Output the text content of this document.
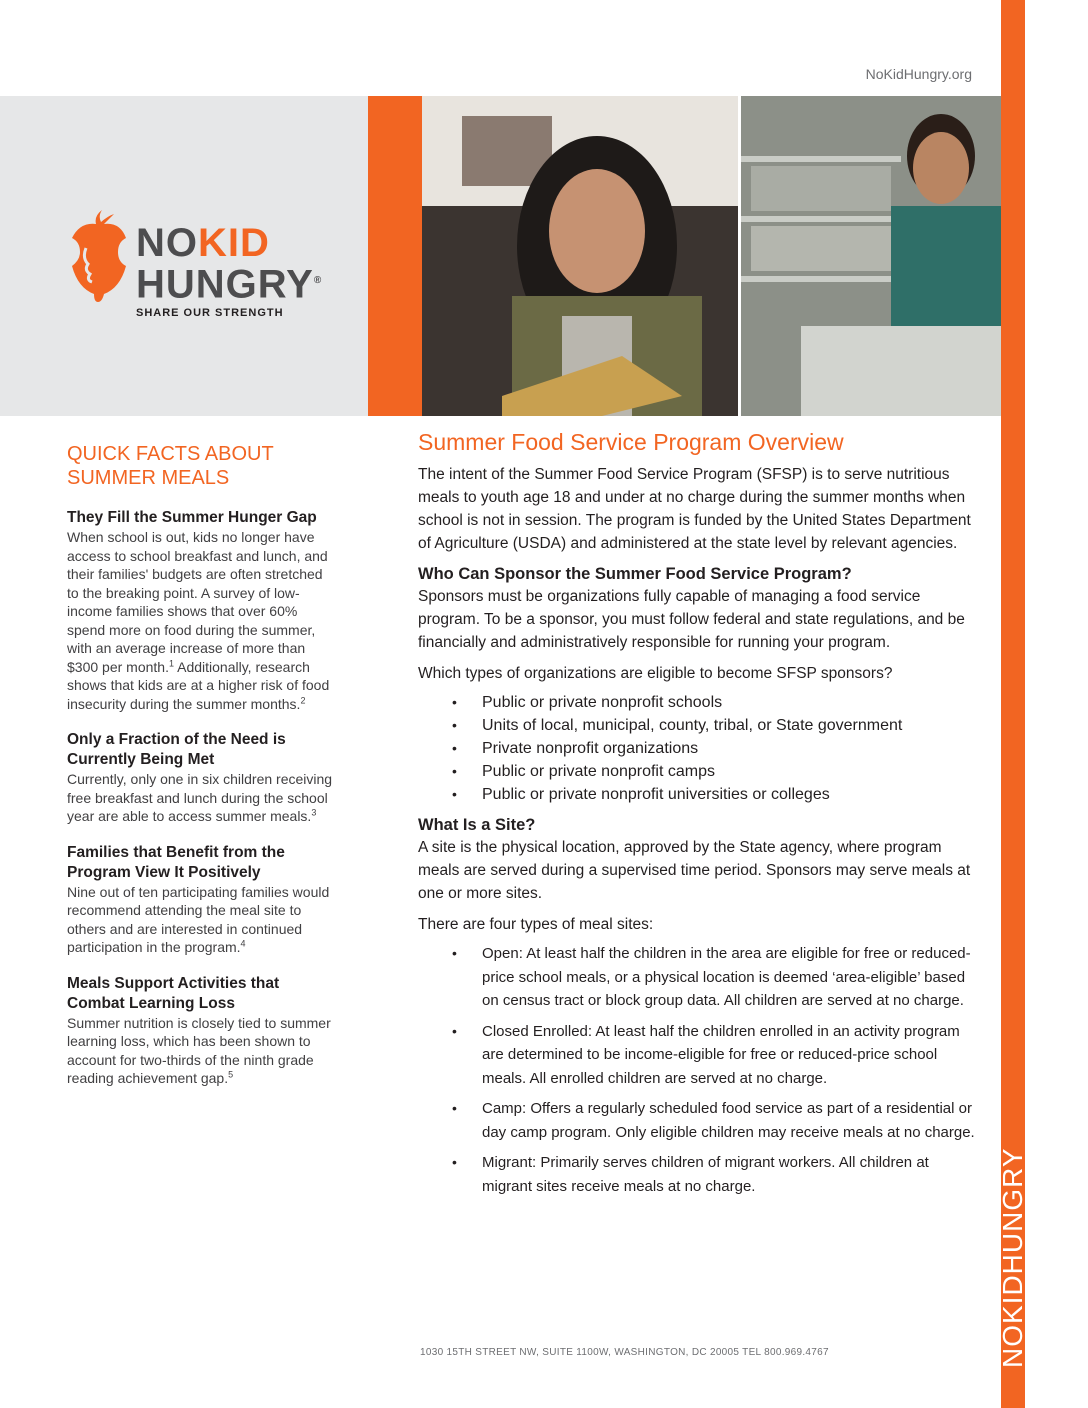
NoKidHungry.org
NOKIDHUNGRY
NOKID
HUNGRY®
SHARE OUR STRENGTH
QUICK FACTS ABOUT SUMMER MEALS
They Fill the Summer Hunger Gap
When school is out, kids no longer have access to school breakfast and lunch, and their families' budgets are often stretched to the breaking point. A survey of low-income families shows that over 60% spend more on food during the summer, with an average increase of more than $300 per month.$^1$ Additionally, research shows that kids are at a higher risk of food insecurity during the summer months.$^2$
Only a Fraction of the Need is Currently Being Met
Currently, only one in six children receiving free breakfast and lunch during the school year are able to access summer meals.$^3$
Families that Benefit from the Program View It Positively
Nine out of ten participating families would recommend attending the meal site to others and are interested in continued participation in the program.$^4$
Meals Support Activities that Combat Learning Loss
Summer nutrition is closely tied to summer learning loss, which has been shown to account for two-thirds of the ninth grade reading achievement gap.$^5$
Summer Food Service Program Overview

The intent of the Summer Food Service Program (SFSP) is to serve nutritious meals to youth age 18 and under at no charge during the summer months when school is not in session. The program is funded by the United States Department of Agriculture (USDA) and administered at the state level by relevant agencies.

Who Can Sponsor the Summer Food Service Program?

Sponsors must be organizations fully capable of managing a food service program. To be a sponsor, you must follow federal and state regulations, and be financially and administratively responsible for running your program.

Which types of organizations are eligible to become SFSP sponsors?

• Public or private nonprofit schools
• Units of local, municipal, county, tribal, or State government
• Private nonprofit organizations
• Public or private nonprofit camps
• Public or private nonprofit universities or colleges
What Is a Site?

A site is the physical location, approved by the State agency, where program meals are served during a supervised time period. Sponsors may serve meals at one or more sites.

There are four types of meal sites:

• Open: At least half the children in the area are eligible for free or reduced-price school meals, or a physical location is deemed ‘area-eligible’ based on census tract or block group data. All children are served at no charge.
• Closed Enrolled: At least half the children enrolled in an activity program are determined to be income-eligible for free or reduced-price school meals. All enrolled children are served at no charge.
• Camp: Offers a regularly scheduled food service as part of a residential or day camp program. Only eligible children may receive meals at no charge.
• Migrant: Primarily serves children of migrant workers. All children at migrant sites receive meals at no charge.
1030 15TH STREET NW, SUITE 1100W, WASHINGTON, DC 20005 TEL 800.969.4767
